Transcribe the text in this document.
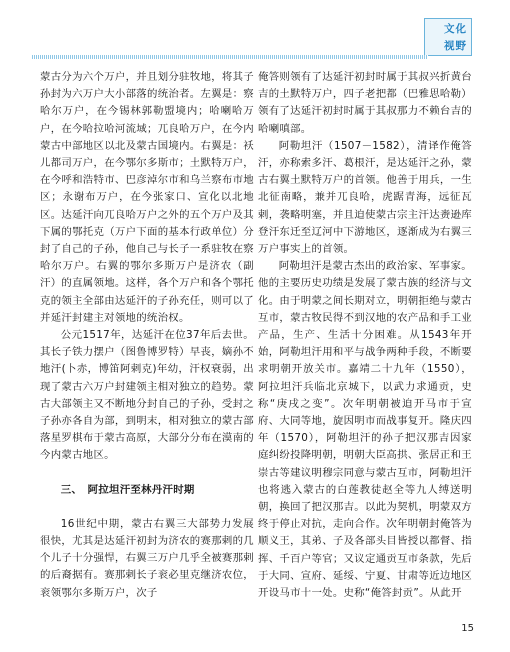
文化
视野

蒙古分为六个万户，并且划分驻牧地，将其子孙封为六万户大小部落的统治者。左翼是：察哈尔万户，在今锡林郭勒盟境内；哈喇哈万户，在今哈拉哈河流域；兀良哈万户，在今内蒙古中部地区以北及蒙古国境内。右翼是：袄儿都司万户，在今鄂尔多斯市；土默特万户，在今呼和浩特市、巴彦淖尔市和乌兰察布市地区；永谢布万户，在今张家口、宣化以北地区。达延汗向兀良哈万户之外的五个万户及其下属的鄂托克（万户下面的基本行政单位）分封了自己的子孙，他自己与长子一系驻牧在察哈尔万户。右翼的鄂尔多斯万户是济农（副汗）的直属领地。这样，各个万户和各个鄂托克的领主全部由达延汗的子孙充任，则可以了并延汗封建主对领地的统治权。

公元1517年，达延汗在位37年后去世。其长子铁力摆户（图鲁博罗特）早丧，嫡孙不地汗(卜赤，博笛阿剌克)年幼，汗权衰弱，出现了蒙古六万户封建领主相对独立的趋势。蒙古大部领主又不断地分封自己的子孙，受封之子孙亦各自为部，到明末，相对独立的蒙古部落星罗棋布于蒙古高原，大部分分布在漠南的今内蒙古地区。

三、　阿拉坦汗至林丹汗时期

16世纪中期，蒙古右翼三大部势力发展很快，尤其是达延汗初封为济农的赛那剌的几个儿子十分强悍，右翼三万户几乎全被赛那剌的后裔据有。赛那剌长子衮必里克继济农位，衮领鄂尔多斯万户，次子

俺答则领有了达延汗初封时属于其叔兴折黄台吉的土默特万户，四子老把都（巴雅思哈勒）领有了达延汗初封时属于其叔那力不赖台吉的哈喇嗔部。

阿勒坦汗（1507－1582），清译作俺答汗，亦称索多汗、葛根汗，是达延汗之孙，蒙古右翼土默特万户的首领。他善于用兵，一生北征南略，兼并兀良哈，虎踞青海，远征瓦剌，袭略明塞，并且迫使蒙古宗主汗达赉逊库登汗东迁至辽河中下游地区，逐渐成为右翼三万户事实上的首领。

阿勒坦汗是蒙古杰出的政治家、军事家。他的主要历史功绩是发展了蒙古族的经济与文化。由于明蒙之间长期对立，明朝拒绝与蒙古互市，蒙古牧民得不到汉地的农产品和手工业产品，生产、生活十分困难。从1543年开始，阿勒坦汗用和平与战争两种手段，不断要求明朝开放关市。嘉靖二十九年（1550），阿拉坦汗兵临北京城下，以武力求通贡，史称“庚戌之变”。次年明朝被迫开马市于宣府、大同等地，旋因明市而战事复开。隆庆四年（1570），阿勒坦汗的孙子把汉那吉因家庭纠纷投降明朝，明朝大臣高拱、张居正和王崇古等建议明穆宗同意与蒙古互市，阿勒坦汗也将逃入蒙古的白莲教徒赵全等九人缚送明朝，换回了把汉那吉。以此为契机，明蒙双方终于停止对抗，走向合作。次年明朝封俺答为顺义王，其弟、子及各部头目皆授以都督、指挥、千百户等官；又议定通贡互市条款，先后于大同、宣府、延绥、宁夏、甘肃等近边地区开设马市十一处。史称“俺答封贡”。从此开

15
